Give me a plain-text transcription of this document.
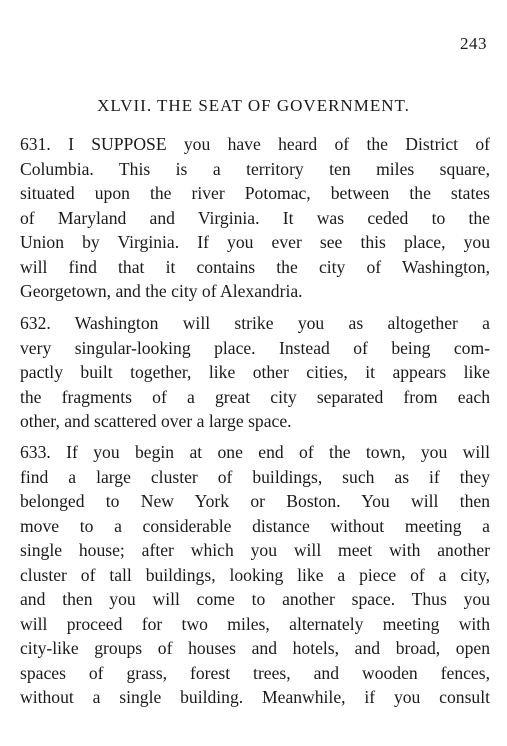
243
XLVII. THE SEAT OF GOVERNMENT.
631. I SUPPOSE you have heard of the District of
Columbia. This is a territory ten miles square,
situated upon the river Potomac, between the states
of Maryland and Virginia. It was ceded to the
Union by Virginia. If you ever see this place, you
will find that it contains the city of Washington,
Georgetown, and the city of Alexandria.
632. Washington will strike you as altogether a
very singular-looking place. Instead of being com-
pactly built together, like other cities, it appears like
the fragments of a great city separated from each
other, and scattered over a large space.
633. If you begin at one end of the town, you will
find a large cluster of buildings, such as if they
belonged to New York or Boston. You will then
move to a considerable distance without meeting a
single house; after which you will meet with another
cluster of tall buildings, looking like a piece of a city,
and then you will come to another space. Thus you
will proceed for two miles, alternately meeting with
city-like groups of houses and hotels, and broad, open
spaces of grass, forest trees, and wooden fences,
without a single building. Meanwhile, if you consult
